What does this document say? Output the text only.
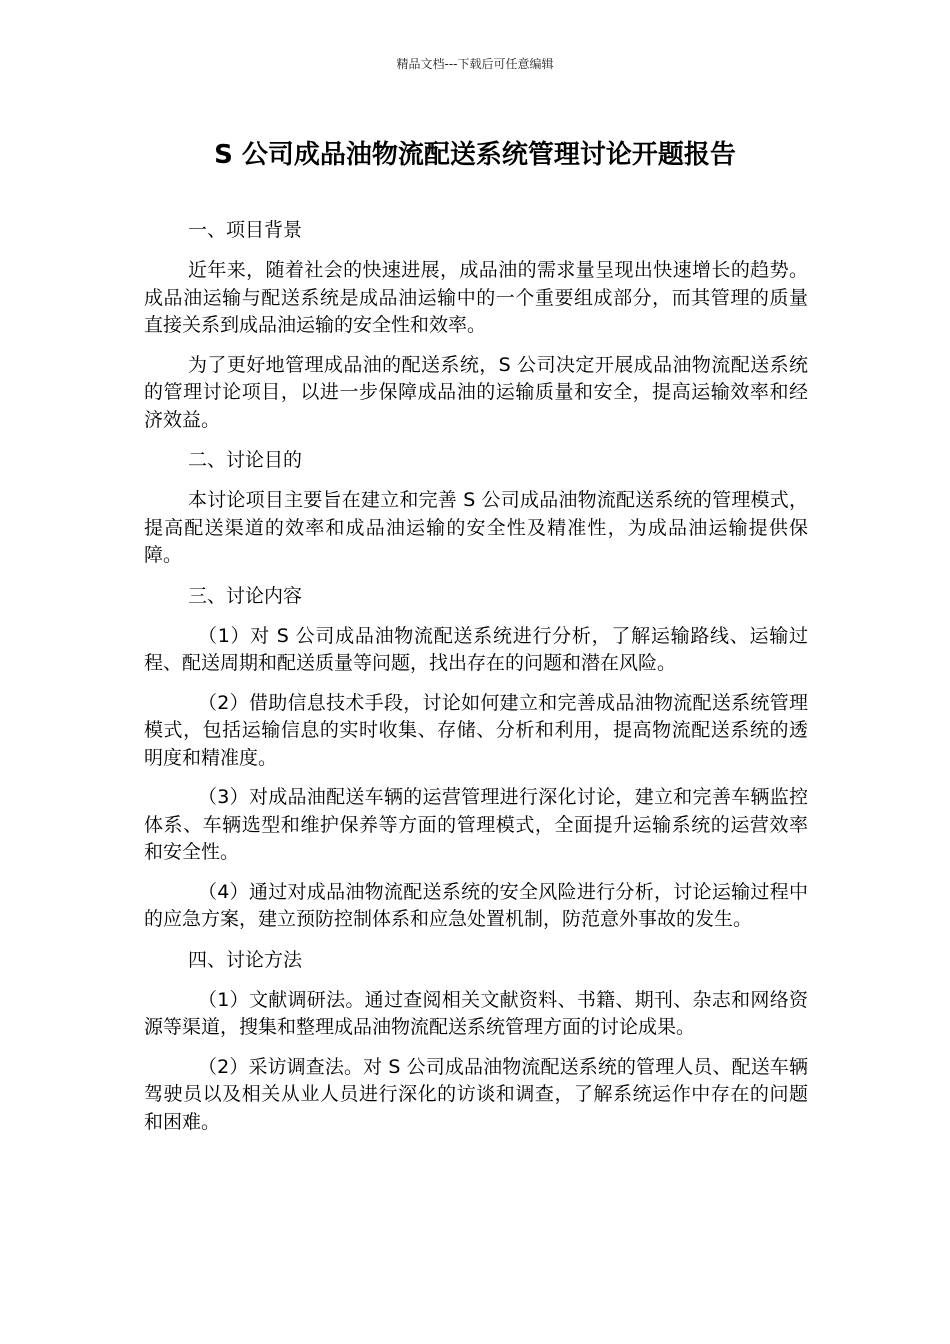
精品文档---下载后可任意编辑
S 公司成品油物流配送系统管理讨论开题报告

一、项目背景

近年来，随着社会的快速进展，成品油的需求量呈现出快速增长的趋势。成品油运输与配送系统是成品油运输中的一个重要组成部分，而其管理的质量直接关系到成品油运输的安全性和效率。

为了更好地管理成品油的配送系统，S 公司决定开展成品油物流配送系统的管理讨论项目，以进一步保障成品油的运输质量和安全，提高运输效率和经济效益。

二、讨论目的

本讨论项目主要旨在建立和完善 S 公司成品油物流配送系统的管理模式，提高配送渠道的效率和成品油运输的安全性及精准性，为成品油运输提供保障。

三、讨论内容

（1）对 S 公司成品油物流配送系统进行分析，了解运输路线、运输过程、配送周期和配送质量等问题，找出存在的问题和潜在风险。

（2）借助信息技术手段，讨论如何建立和完善成品油物流配送系统管理模式，包括运输信息的实时收集、存储、分析和利用，提高物流配送系统的透明度和精准度。

（3）对成品油配送车辆的运营管理进行深化讨论，建立和完善车辆监控体系、车辆选型和维护保养等方面的管理模式，全面提升运输系统的运营效率和安全性。

（4）通过对成品油物流配送系统的安全风险进行分析，讨论运输过程中的应急方案，建立预防控制体系和应急处置机制，防范意外事故的发生。

四、讨论方法

（1）文献调研法。通过查阅相关文献资料、书籍、期刊、杂志和网络资源等渠道，搜集和整理成品油物流配送系统管理方面的讨论成果。

（2）采访调查法。对 S 公司成品油物流配送系统的管理人员、配送车辆驾驶员以及相关从业人员进行深化的访谈和调查，了解系统运作中存在的问题和困难。
